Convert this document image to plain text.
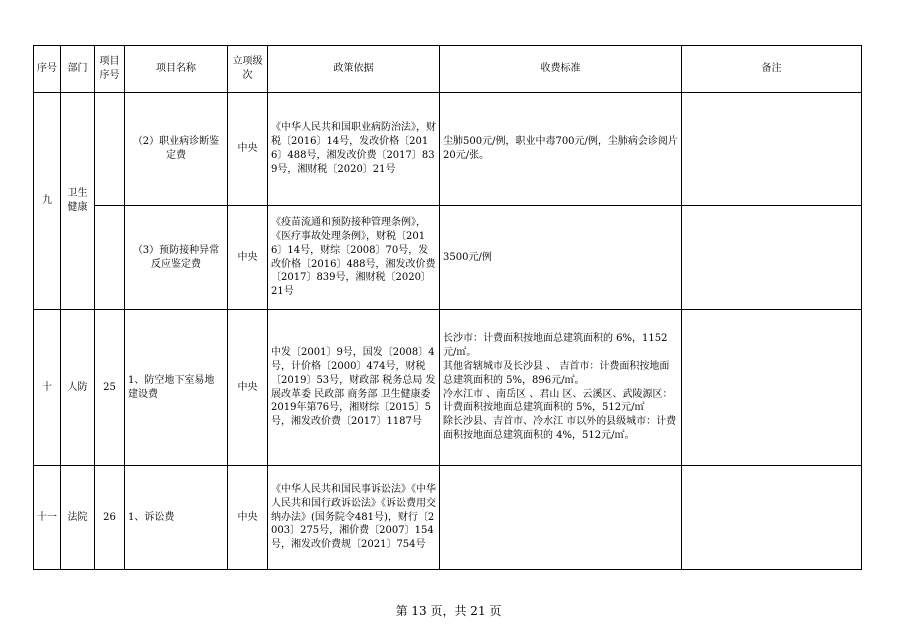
序号	部门	项目序号	项目名称	立项级次	政策依据	收费标准	备注
九	卫生健康		（2）职业病诊断鉴定费	中央	《中华人民共和国职业病防治法》，财税〔2016〕14号，发改价格〔2016〕488号，湘发改价费〔2017〕839号，湘财税〔2020〕21号	尘肺500元/例，职业中毒700元/例，尘肺病会诊阅片20元/张。	

			（3）预防接种异常反应鉴定费	中央	《疫苗流通和预防接种管理条例》，《医疗事故处理条例》，财税〔2016〕14号，财综〔2008〕70号，发改价格〔2016〕488号，湘发改价费〔2017〕839号，湘财税〔2020〕21号	3500元/例	

十	人防	25	1、防空地下室易地建设费	中央	中发〔2001〕9号，国发〔2008〕4号，计价格〔2000〕474号，财税〔2019〕53号，财政部 税务总局 发展改革委 民政部 商务部 卫生健康委2019年第76号，湘财综〔2015〕5号，湘发改价费〔2017〕1187号	长沙市：计费面积按地面总建筑面积的 6%，1152元/㎡。
其他省辖城市及长沙县 、 吉首市：计费面积按地面总建筑面积的 5%，896元/㎡。
冷水江市 、南岳区 、君山 区、云溪区、武陵源区：计费面积按地面总建筑面积的 5%，512元/㎡
除长沙县、吉首市、冷水江 市以外的县级城市：计费面积按地面总建筑面积的 4%，512元/㎡。	

十一	法院	26	1、诉讼费	中央	《中华人民共和国民事诉讼法》《中华人民共和国行政诉讼法》《诉讼费用交纳办法》(国务院令481号)，财行〔2003〕275号，湘价费〔2007〕154号，湘发改价费规〔2021〕754号		
第 13 页，共 21 页
